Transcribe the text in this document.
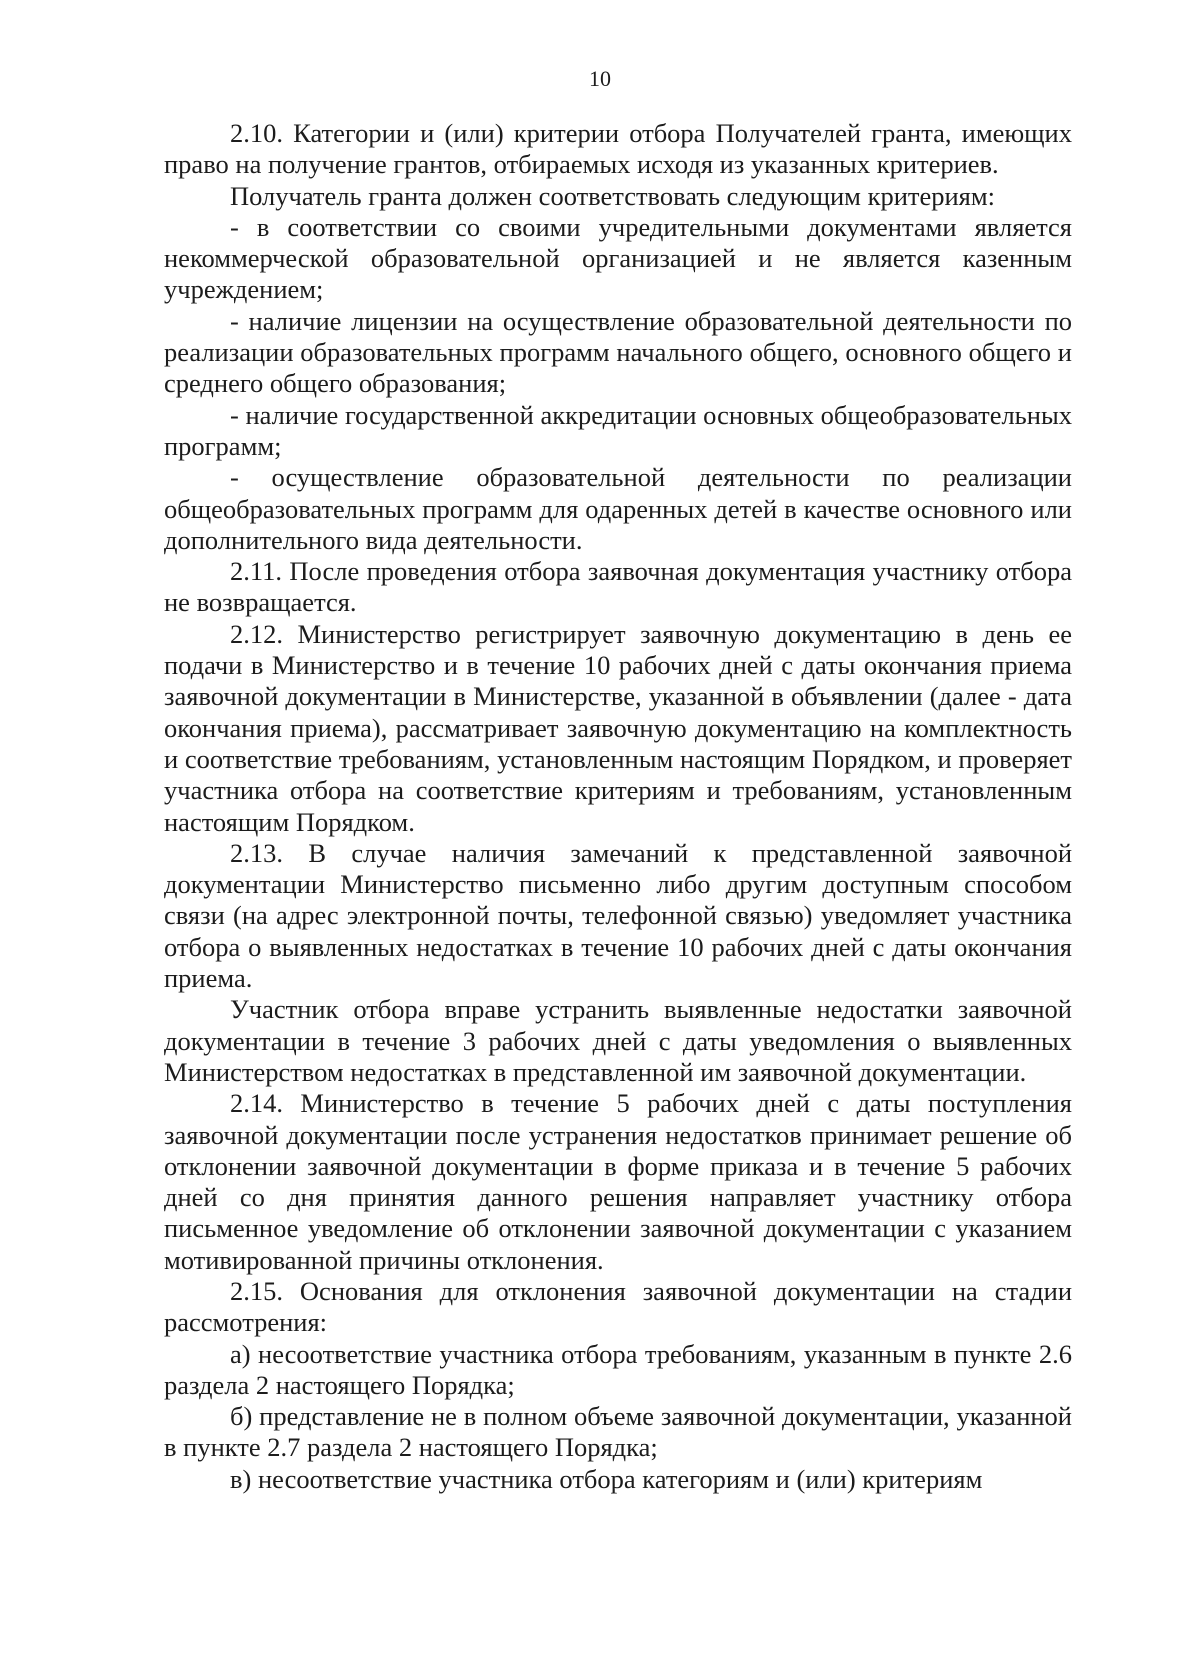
10

2.10. Категории и (или) критерии отбора Получателей гранта, имеющих право на получение грантов, отбираемых исходя из указанных критериев.

Получатель гранта должен соответствовать следующим критериям:

- в соответствии со своими учредительными документами является некоммерческой образовательной организацией и не является казенным учреждением;

- наличие лицензии на осуществление образовательной деятельности по реализации образовательных программ начального общего, основного общего и среднего общего образования;

- наличие государственной аккредитации основных общеобразовательных программ;

- осуществление образовательной деятельности по реализации общеобразовательных программ для одаренных детей в качестве основного или дополнительного вида деятельности.

2.11. После проведения отбора заявочная документация участнику отбора не возвращается.

2.12. Министерство регистрирует заявочную документацию в день ее подачи в Министерство и в течение 10 рабочих дней с даты окончания приема заявочной документации в Министерстве, указанной в объявлении (далее - дата окончания приема), рассматривает заявочную документацию на комплектность и соответствие требованиям, установленным настоящим Порядком, и проверяет участника отбора на соответствие критериям и требованиям, установленным настоящим Порядком.

2.13. В случае наличия замечаний к представленной заявочной документации Министерство письменно либо другим доступным способом связи (на адрес электронной почты, телефонной связью) уведомляет участника отбора о выявленных недостатках в течение 10 рабочих дней с даты окончания приема.

Участник отбора вправе устранить выявленные недостатки заявочной документации в течение 3 рабочих дней с даты уведомления о выявленных Министерством недостатках в представленной им заявочной документации.

2.14. Министерство в течение 5 рабочих дней с даты поступления заявочной документации после устранения недостатков принимает решение об отклонении заявочной документации в форме приказа и в течение 5 рабочих дней со дня принятия данного решения направляет участнику отбора письменное уведомление об отклонении заявочной документации с указанием мотивированной причины отклонения.

2.15. Основания для отклонения заявочной документации на стадии рассмотрения:

а) несоответствие участника отбора требованиям, указанным в пункте 2.6 раздела 2 настоящего Порядка;

б) представление не в полном объеме заявочной документации, указанной в пункте 2.7 раздела 2 настоящего Порядка;

в) несоответствие участника отбора категориям и (или) критериям
